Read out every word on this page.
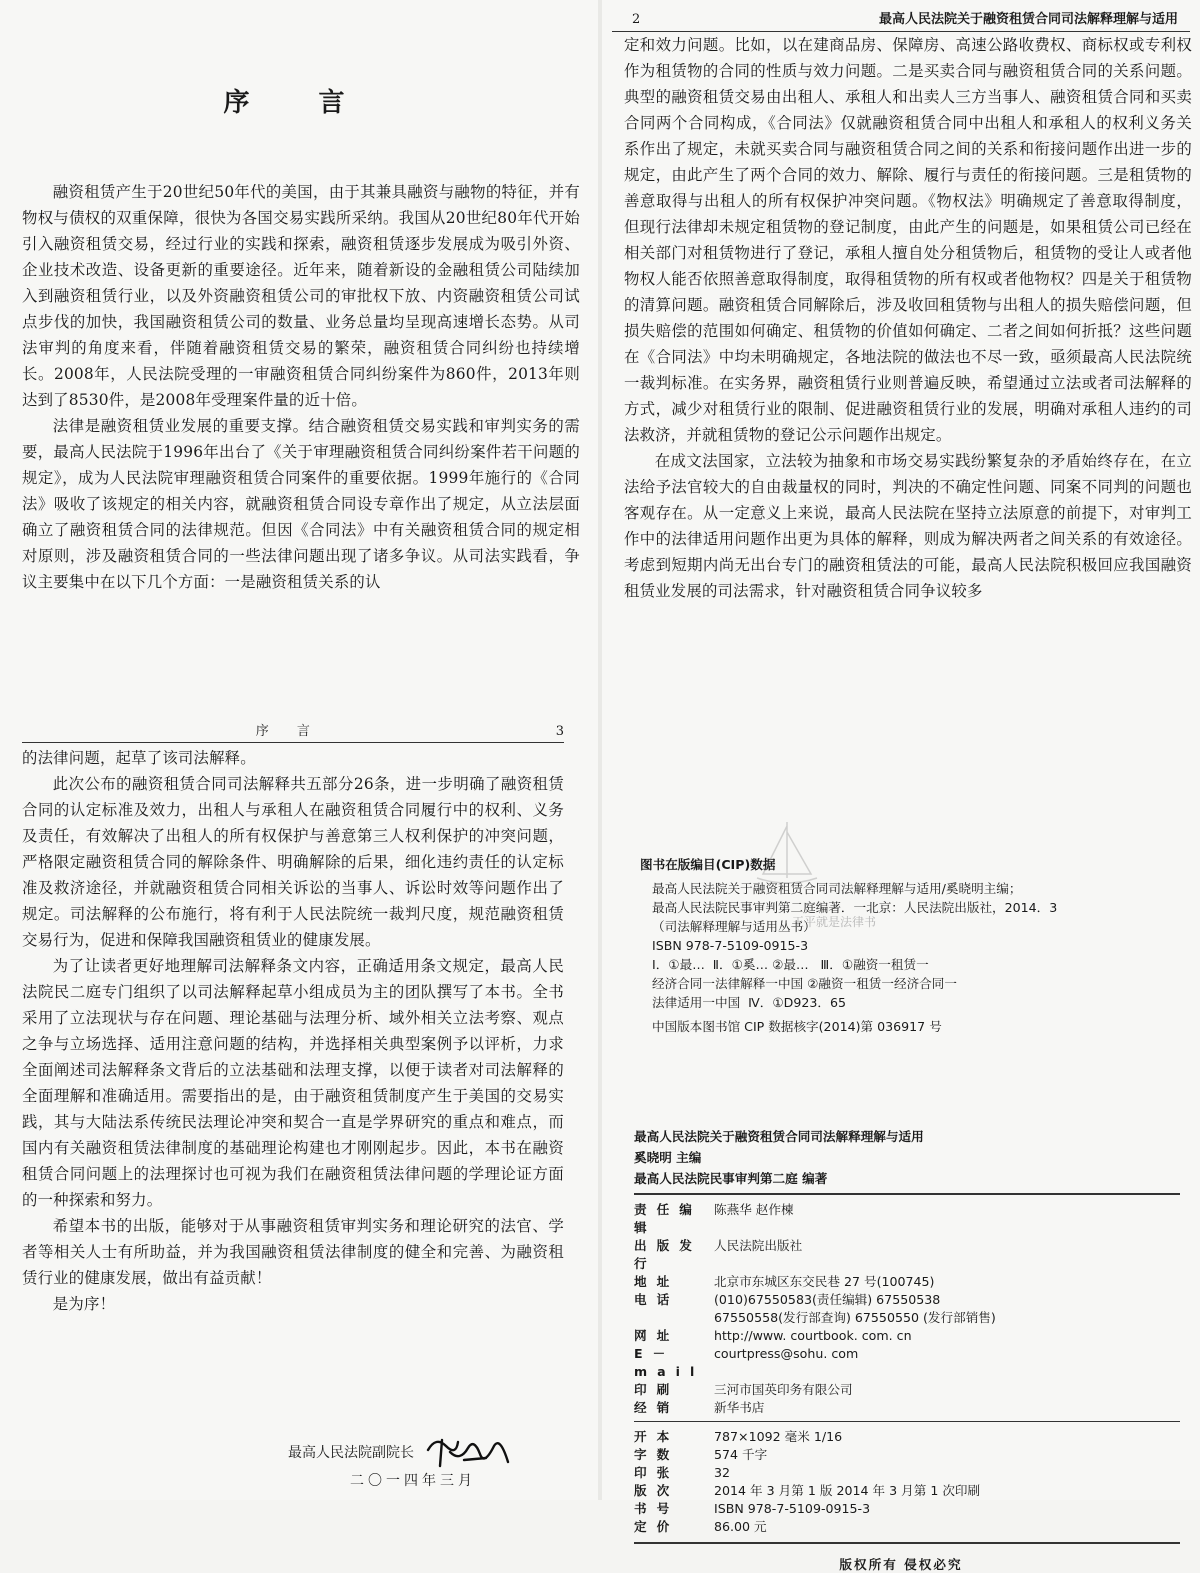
序 言

融资租赁产生于20世纪50年代的美国，由于其兼具融资与融物的特征，并有物权与债权的双重保障，很快为各国交易实践所采纳。我国从20世纪80年代开始引入融资租赁交易，经过行业的实践和探索，融资租赁逐步发展成为吸引外资、企业技术改造、设备更新的重要途径。近年来，随着新设的金融租赁公司陆续加入到融资租赁行业，以及外资融资租赁公司的审批权下放、内资融资租赁公司试点步伐的加快，我国融资租赁公司的数量、业务总量均呈现高速增长态势。从司法审判的角度来看，伴随着融资租赁交易的繁荣，融资租赁合同纠纷也持续增长。2008年，人民法院受理的一审融资租赁合同纠纷案件为860件，2013年则达到了8530件，是2008年受理案件量的近十倍。

法律是融资租赁业发展的重要支撑。结合融资租赁交易实践和审判实务的需要，最高人民法院于1996年出台了《关于审理融资租赁合同纠纷案件若干问题的规定》，成为人民法院审理融资租赁合同案件的重要依据。1999年施行的《合同法》吸收了该规定的相关内容，就融资租赁合同设专章作出了规定，从立法层面确立了融资租赁合同的法律规范。但因《合同法》中有关融资租赁合同的规定相对原则，涉及融资租赁合同的一些法律问题出现了诸多争议。从司法实践看，争议主要集中在以下几个方面：一是融资租赁关系的认

序 言	3

的法律问题，起草了该司法解释。

此次公布的融资租赁合同司法解释共五部分26条，进一步明确了融资租赁合同的认定标准及效力，出租人与承租人在融资租赁合同履行中的权利、义务及责任，有效解决了出租人的所有权保护与善意第三人权利保护的冲突问题，严格限定融资租赁合同的解除条件、明确解除的后果，细化违约责任的认定标准及救济途径，并就融资租赁合同相关诉讼的当事人、诉讼时效等问题作出了规定。司法解释的公布施行，将有利于人民法院统一裁判尺度，规范融资租赁交易行为，促进和保障我国融资租赁业的健康发展。

为了让读者更好地理解司法解释条文内容，正确适用条文规定，最高人民法院民二庭专门组织了以司法解释起草小组成员为主的团队撰写了本书。全书采用了立法现状与存在问题、理论基础与法理分析、域外相关立法考察、观点之争与立场选择、适用注意问题的结构，并选择相关典型案例予以评析，力求全面阐述司法解释条文背后的立法基础和法理支撑，以便于读者对司法解释的全面理解和准确适用。需要指出的是，由于融资租赁制度产生于美国的交易实践，其与大陆法系传统民法理论冲突和契合一直是学界研究的重点和难点，而国内有关融资租赁法律制度的基础理论构建也才刚刚起步。因此，本书在融资租赁合同问题上的法理探讨也可视为我们在融资租赁法律问题的学理论证方面的一种探索和努力。

希望本书的出版，能够对于从事融资租赁审判实务和理论研究的法官、学者等相关人士有所助益，并为我国融资租赁法律制度的健全和完善、为融资租赁行业的健康发展，做出有益贡献！

是为序！

最高人民法院副院长
二〇一四年三月
2	最高人民法院关于融资租赁合同司法解释理解与适用

定和效力问题。比如，以在建商品房、保障房、高速公路收费权、商标权或专利权作为租赁物的合同的性质与效力问题。二是买卖合同与融资租赁合同的关系问题。典型的融资租赁交易由出租人、承租人和出卖人三方当事人、融资租赁合同和买卖合同两个合同构成，《合同法》仅就融资租赁合同中出租人和承租人的权利义务关系作出了规定，未就买卖合同与融资租赁合同之间的关系和衔接问题作出进一步的规定，由此产生了两个合同的效力、解除、履行与责任的衔接问题。三是租赁物的善意取得与出租人的所有权保护冲突问题。《物权法》明确规定了善意取得制度，但现行法律却未规定租赁物的登记制度，由此产生的问题是，如果租赁公司已经在相关部门对租赁物进行了登记，承租人擅自处分租赁物后，租赁物的受让人或者他物权人能否依照善意取得制度，取得租赁物的所有权或者他物权？四是关于租赁物的清算问题。融资租赁合同解除后，涉及收回租赁物与出租人的损失赔偿问题，但损失赔偿的范围如何确定、租赁物的价值如何确定、二者之间如何折抵？这些问题在《合同法》中均未明确规定，各地法院的做法也不尽一致，亟须最高人民法院统一裁判标准。在实务界，融资租赁行业则普遍反映，希望通过立法或者司法解释的方式，减少对租赁行业的限制、促进融资租赁行业的发展，明确对承租人违约的司法救济，并就租赁物的登记公示问题作出规定。

在成文法国家，立法较为抽象和市场交易实践纷繁复杂的矛盾始终存在，在立法给予法官较大的自由裁量权的同时，判决的不确定性问题、同案不同判的问题也客观存在。从一定意义上来说，最高人民法院在坚持立法原意的前提下，对审判工作中的法律适用问题作出更为具体的解释，则成为解决两者之间关系的有效途径。考虑到短期内尚无出台专门的融资租赁法的可能，最高人民法院积极回应我国融资租赁业发展的司法需求，针对融资租赁合同争议较多

图书在版编目(CIP)数据
最高人民法院关于融资租赁合同司法解释理解与适用/奚晓明主编；
最高人民法院民事审判第二庭编著．一北京：人民法院出版社，2014．3
（司法解释理解与适用丛书）
ISBN 978-7-5109-0915-3
Ⅰ．①最…  Ⅱ．①奚… ②最…   Ⅲ．①融资一租赁一
经济合同一法律解释一中国 ②融资一租赁一经济合同一
法律适用一中国  Ⅳ．①D923．65
中国版本图书馆 CIP 数据核字(2014)第 036917 号
王平就是法律书
最高人民法院关于融资租赁合同司法解释理解与适用
奚晓明 主编
最高人民法院民事审判第二庭 编著
责任编辑	陈燕华 赵作楝
出版发行	人民法院出版社
地址	北京市东城区东交民巷 27 号(100745)
电话	(010)67550583(责任编辑) 67550538
	67550558(发行部查询) 67550550 (发行部销售)
网址	http://www. courtbook. com. cn
E－mail	courtpress@sohu. com
印刷	三河市国英印务有限公司
经销	新华书店
开本	787×1092 毫米 1/16
字数	574 千字
印张	32
版次	2014 年 3 月第 1 版 2014 年 3 月第 1 次印刷
书号	ISBN 978-7-5109-0915-3
定价	86.00 元
版权所有 侵权必究
